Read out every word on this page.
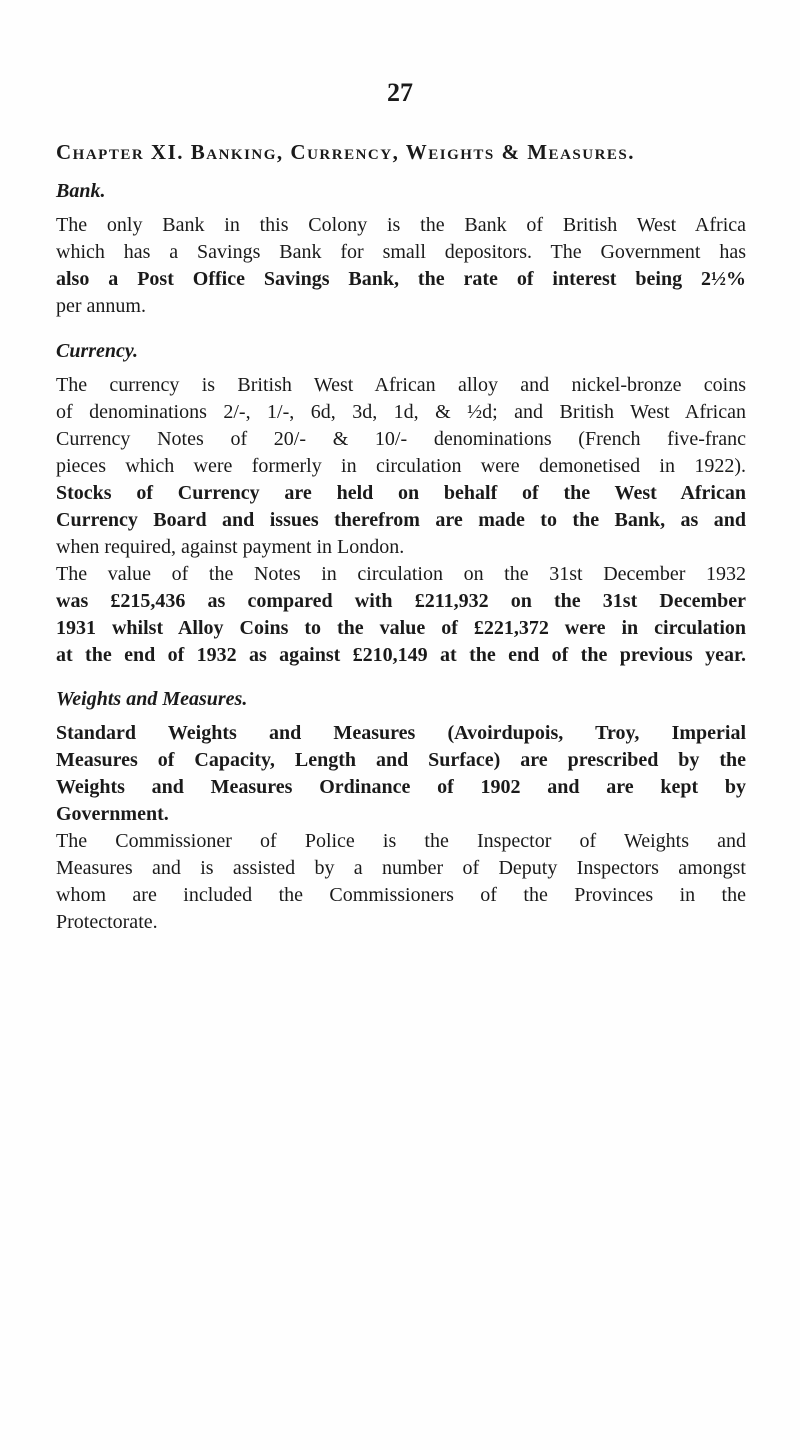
27
Chapter XI. Banking, Currency, Weights & Measures.
Bank.
The only Bank in this Colony is the Bank of British West Africa
which has a Savings Bank for small depositors. The Government has
also a Post Office Savings Bank, the rate of interest being 2½%
per annum.
Currency.
The currency is British West African alloy and nickel-bronze coins
of denominations 2/-, 1/-, 6d, 3d, 1d, & ½d; and British West African
Currency Notes of 20/- & 10/- denominations (French five-franc
pieces which were formerly in circulation were demonetised in 1922).
Stocks of Currency are held on behalf of the West African
Currency Board and issues therefrom are made to the Bank, as and
when required, against payment in London.
The value of the Notes in circulation on the 31st December 1932
was £215,436 as compared with £211,932 on the 31st December
1931 whilst Alloy Coins to the value of £221,372 were in circulation
at the end of 1932 as against £210,149 at the end of the previous year.
Weights and Measures.
Standard Weights and Measures (Avoirdupois, Troy, Imperial
Measures of Capacity, Length and Surface) are prescribed by the
Weights and Measures Ordinance of 1902 and are kept by
Government.
The Commissioner of Police is the Inspector of Weights and
Measures and is assisted by a number of Deputy Inspectors amongst
whom are included the Commissioners of the Provinces in the
Protectorate.
